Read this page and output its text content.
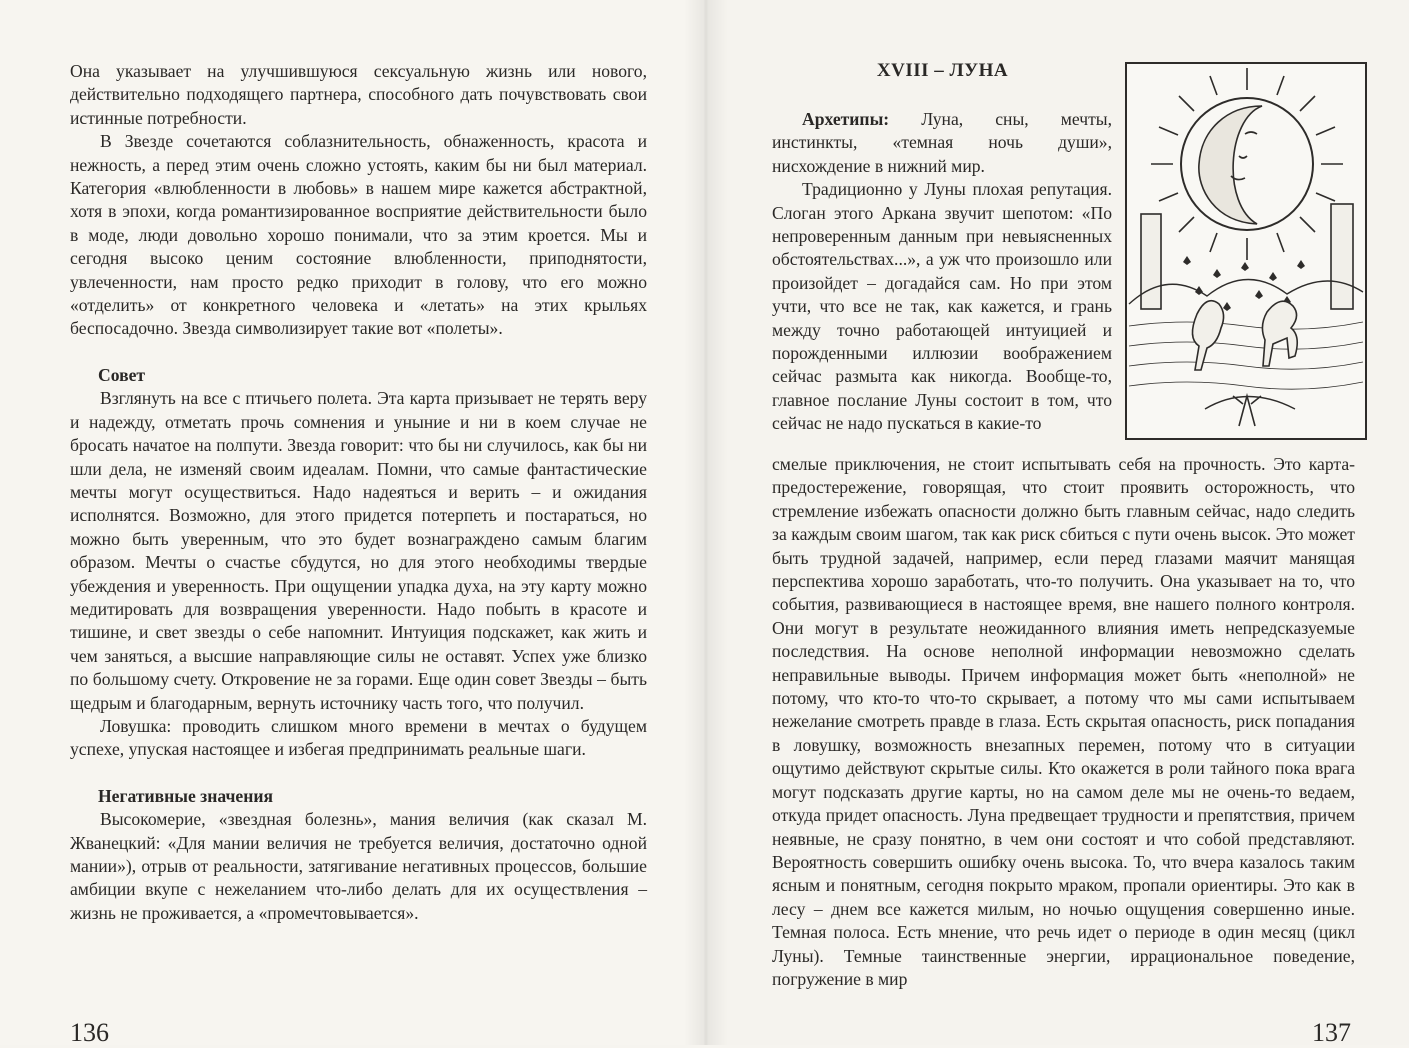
Она указывает на улучшившуюся сексуальную жизнь или нового, действительно подходящего партнера, способного дать почувствовать свои истинные потребности.

В Звезде сочетаются соблазнительность, обнаженность, красота и нежность, а перед этим очень сложно устоять, каким бы ни был материал. Категория «влюбленности в любовь» в нашем мире кажется абстрактной, хотя в эпохи, когда романтизированное восприятие действительности было в моде, люди довольно хорошо понимали, что за этим кроется. Мы и сегодня высоко ценим состояние влюбленности, приподнятости, увлеченности, нам просто редко приходит в голову, что его можно «отделить» от конкретного человека и «летать» на этих крыльях беспосадочно. Звезда символизирует такие вот «полеты».

Совет

Взглянуть на все с птичьего полета. Эта карта призывает не терять веру и надежду, отметать прочь сомнения и уныние и ни в коем случае не бросать начатое на полпути. Звезда говорит: что бы ни случилось, как бы ни шли дела, не изменяй своим идеалам. Помни, что самые фантастические мечты могут осуществиться. Надо надеяться и верить – и ожидания исполнятся. Возможно, для этого придется потерпеть и постараться, но можно быть уверенным, что это будет вознаграждено самым благим образом. Мечты о счастье сбудутся, но для этого необходимы твердые убеждения и уверенность. При ощущении упадка духа, на эту карту можно медитировать для возвращения уверенности. Надо побыть в красоте и тишине, и свет звезды о себе напомнит. Интуиция подскажет, как жить и чем заняться, а высшие направляющие силы не оставят. Успех уже близко по большому счету. Откровение не за горами. Еще один совет Звезды – быть щедрым и благодарным, вернуть источнику часть того, что получил.

Ловушка: проводить слишком много времени в мечтах о будущем успехе, упуская настоящее и избегая предпринимать реальные шаги.

Негативные значения

Высокомерие, «звездная болезнь», мания величия (как сказал М. Жванецкий: «Для мании величия не требуется величия, достаточно одной мании»), отрыв от реальности, затягивание негативных процессов, большие амбиции вкупе с нежеланием что-либо делать для их осуществления – жизнь не проживается, а «промечтовывается».

136
XVIII – ЛУНА

Архетипы: Луна, сны, мечты, инстинкты, «темная ночь души», нисхождение в нижний мир.

Традиционно у Луны плохая репутация. Слоган этого Аркана звучит шепотом: «По непроверенным данным при невыясненных обстоятельствах...», а уж что произошло или произойдет – догадайся сам. Но при этом учти, что все не так, как кажется, и грань между точно работающей интуицией и порожденными иллюзии воображением сейчас размыта как никогда. Вообще-то, главное послание Луны состоит в том, что сейчас не надо пускаться в какие-то

смелые приключения, не стоит испытывать себя на прочность. Это карта-предостережение, говорящая, что стоит проявить осторожность, что стремление избежать опасности должно быть главным сейчас, надо следить за каждым своим шагом, так как риск сбиться с пути очень высок. Это может быть трудной задачей, например, если перед глазами маячит манящая перспектива хорошо заработать, что-то получить. Она указывает на то, что события, развивающиеся в настоящее время, вне нашего полного контроля. Они могут в результате неожиданного влияния иметь непредсказуемые последствия. На основе неполной информации невозможно сделать неправильные выводы. Причем информация может быть «неполной» не потому, что кто-то что-то скрывает, а потому что мы сами испытываем нежелание смотреть правде в глаза. Есть скрытая опасность, риск попадания в ловушку, возможность внезапных перемен, потому что в ситуации ощутимо действуют скрытые силы. Кто окажется в роли тайного пока врага могут подсказать другие карты, но на самом деле мы не очень-то ведаем, откуда придет опасность. Луна предвещает трудности и препятствия, причем неявные, не сразу понятно, в чем они состоят и что собой представляют. Вероятность совершить ошибку очень высока. То, что вчера казалось таким ясным и понятным, сегодня покрыто мраком, пропали ориентиры. Это как в лесу – днем все кажется милым, но ночью ощущения совершенно иные. Темная полоса. Есть мнение, что речь идет о периоде в один месяц (цикл Луны). Темные таинственные энергии, иррациональное поведение, погружение в мир

137
